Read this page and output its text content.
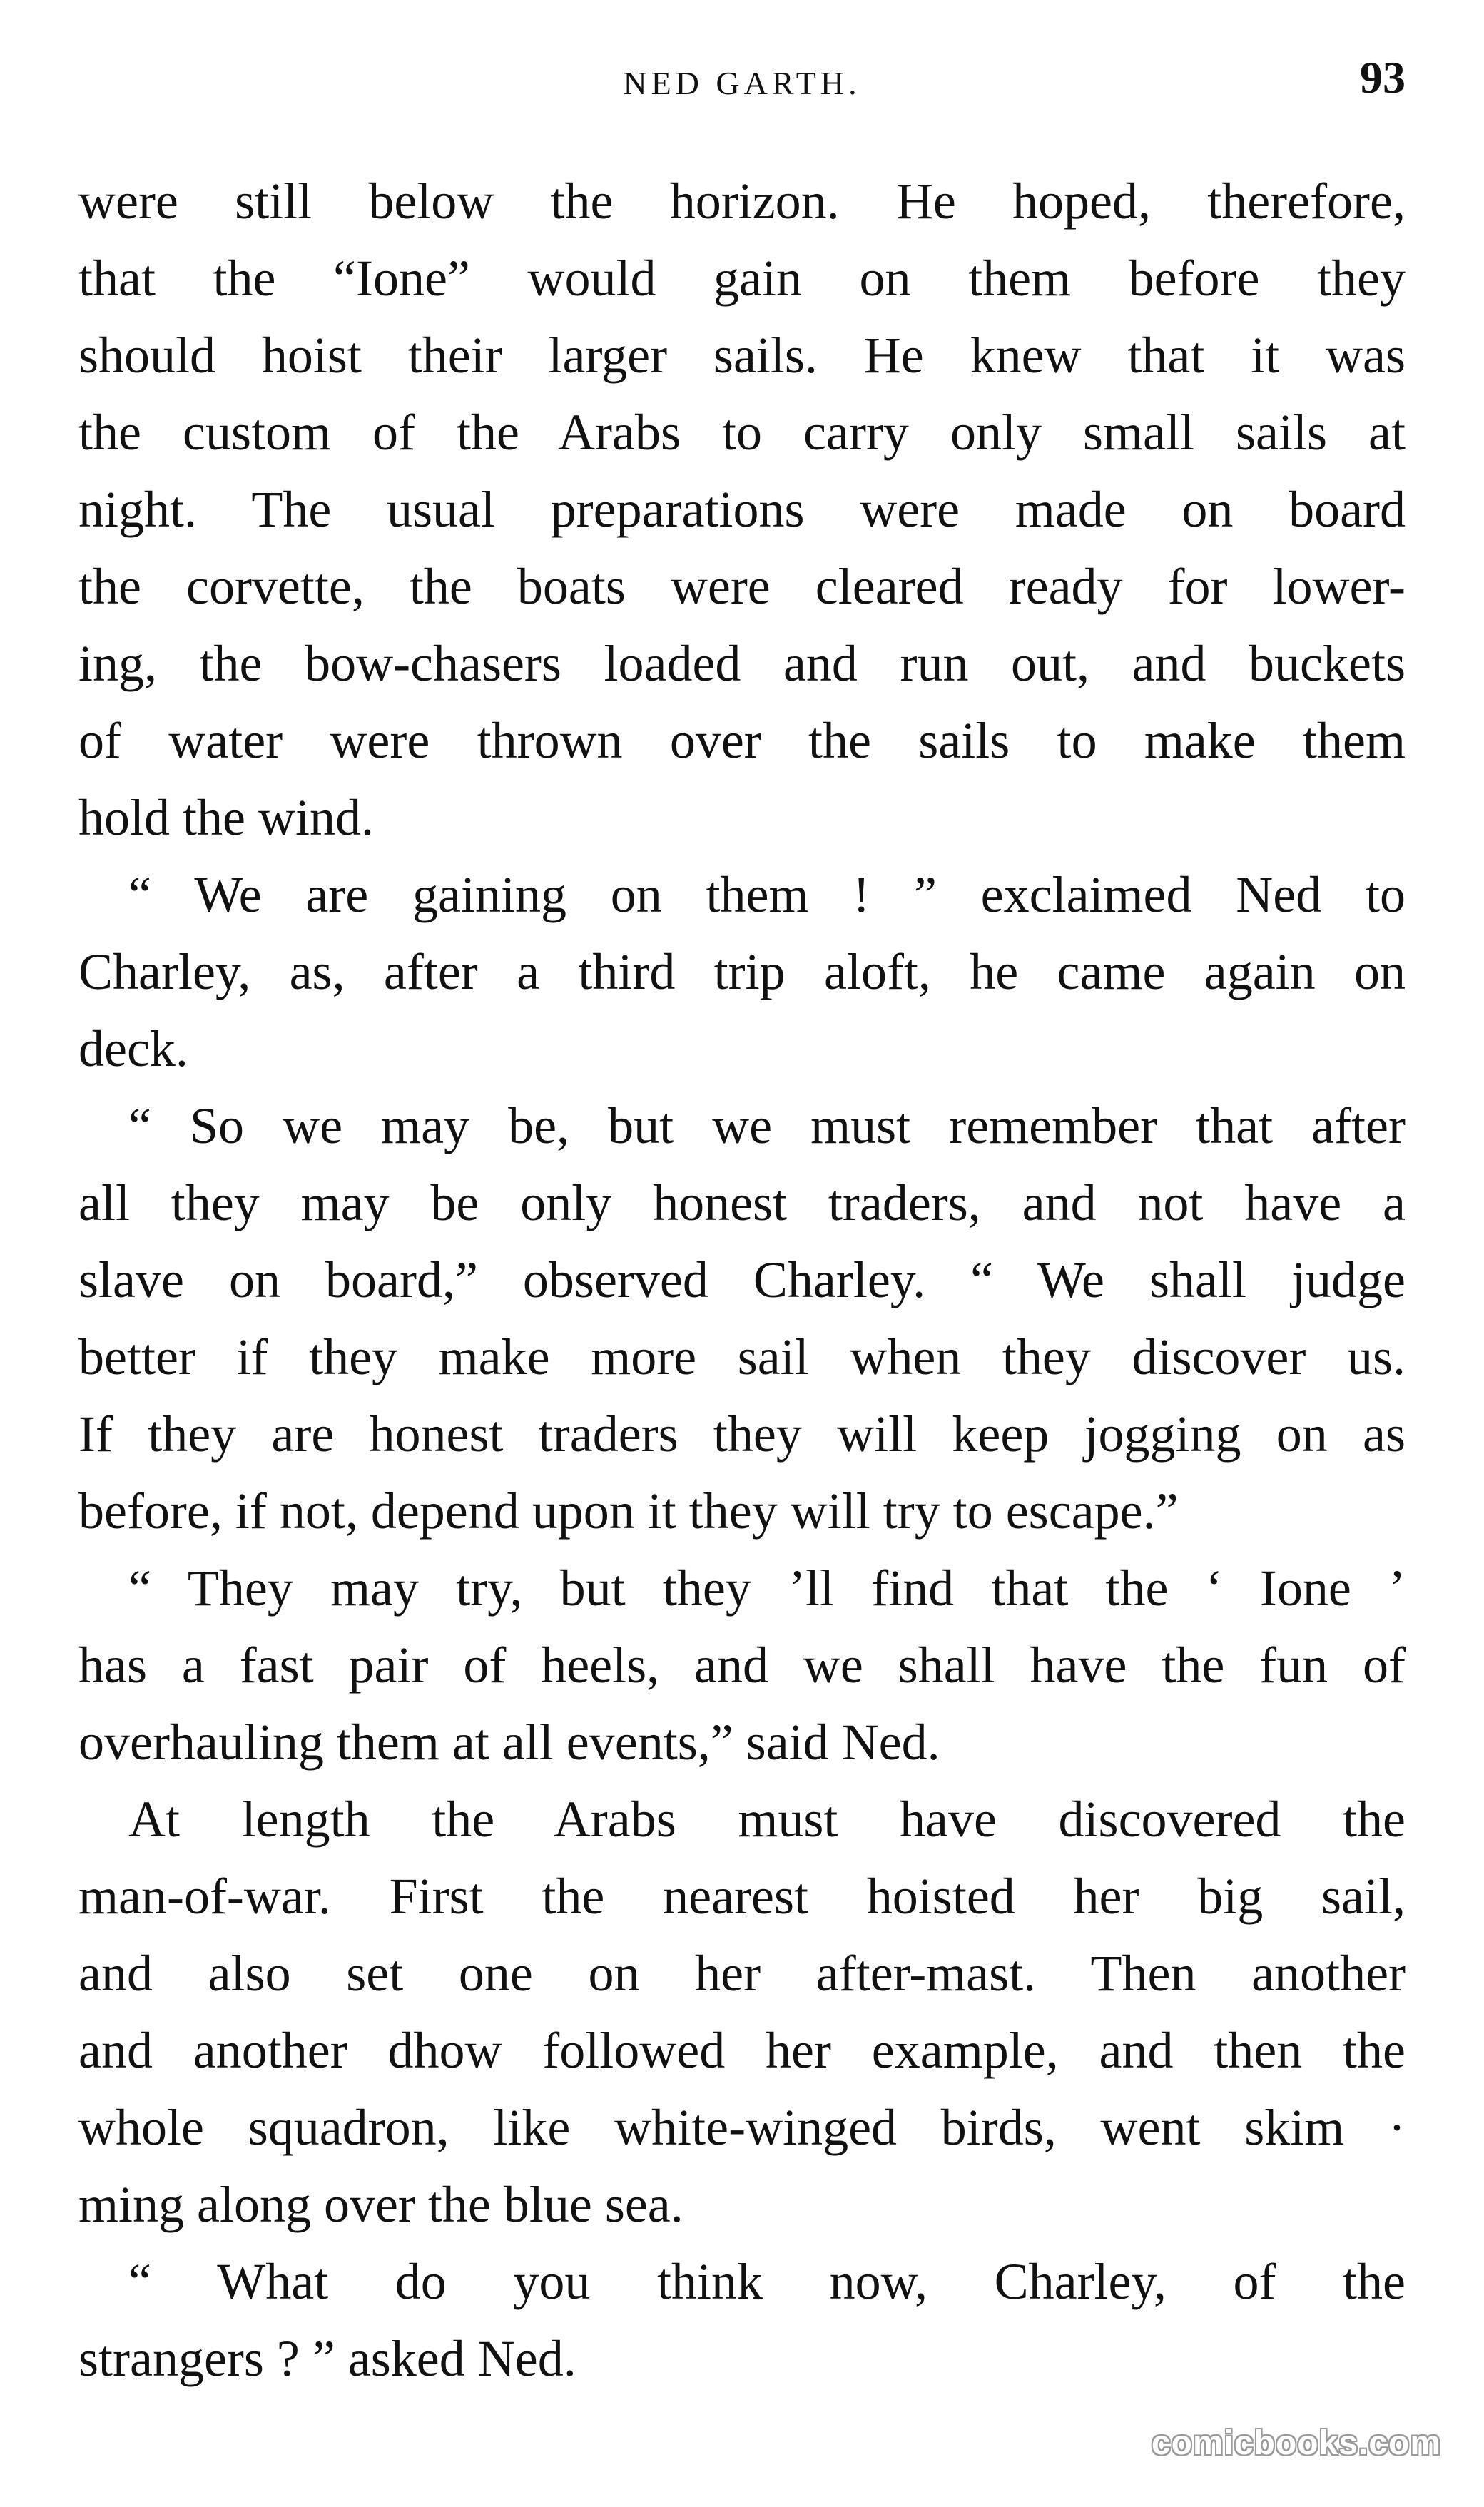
NED GARTH.	93
were still below the horizon. He hoped, therefore,
that the “Ione” would gain on them before they
should hoist their larger sails. He knew that it was
the custom of the Arabs to carry only small sails at
night. The usual preparations were made on board
the corvette, the boats were cleared ready for lower-
ing, the bow-chasers loaded and run out, and buckets
of water were thrown over the sails to make them
hold the wind.
“ We are gaining on them ! ” exclaimed Ned to
Charley, as, after a third trip aloft, he came again on
deck.
“ So we may be, but we must remember that after
all they may be only honest traders, and not have a
slave on board,” observed Charley. “ We shall judge
better if they make more sail when they discover us.
If they are honest traders they will keep jogging on as
before, if not, depend upon it they will try to escape.”
“ They may try, but they ’ll find that the ‘ Ione ’
has a fast pair of heels, and we shall have the fun of
overhauling them at all events,” said Ned.
At length the Arabs must have discovered the
man-of-war. First the nearest hoisted her big sail,
and also set one on her after-mast. Then another
and another dhow followed her example, and then the
whole squadron, like white-winged birds, went skim ·
ming along over the blue sea.
“ What do you think now, Charley, of the
strangers ? ” asked Ned.
comicbooks.com
